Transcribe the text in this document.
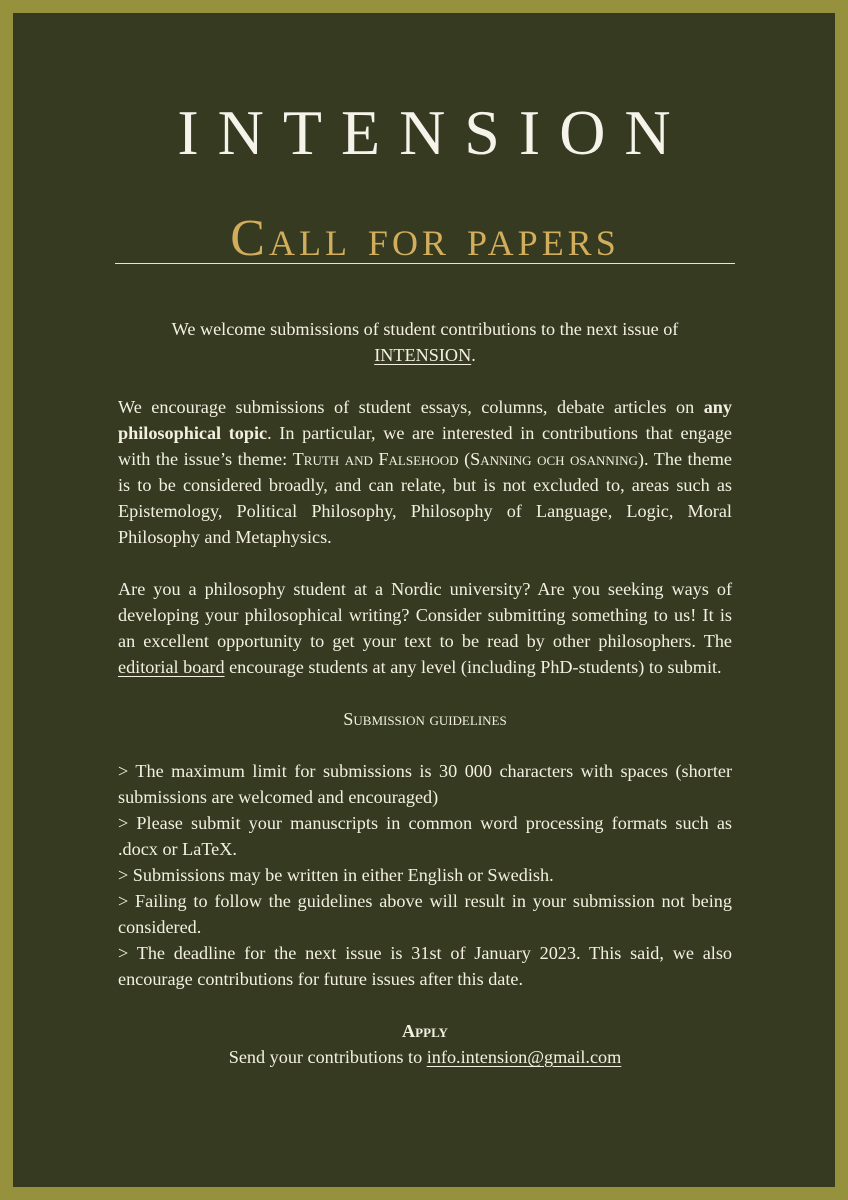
INTENSION
Call for papers

We welcome submissions of student contributions to the next issue of
INTENSION.

We encourage submissions of student essays, columns, debate articles on any philosophical topic. In particular, we are interested in contributions that engage with the issue’s theme: Truth and Falsehood (Sanning och osanning). The theme is to be considered broadly, and can relate, but is not excluded to, areas such as Epistemology, Political Philosophy, Philosophy of Language, Logic, Moral Philosophy and Metaphysics.

Are you a philosophy student at a Nordic university? Are you seeking ways of developing your philosophical writing? Consider submitting something to us! It is an excellent opportunity to get your text to be read by other philosophers. The editorial board encourage students at any level (including PhD-students) to submit.

Submission guidelines

> The maximum limit for submissions is 30 000 characters with spaces (shorter submissions are welcomed and encouraged)

> Please submit your manuscripts in common word processing formats such as .docx or LaTeX.

> Submissions may be written in either English or Swedish.

> Failing to follow the guidelines above will result in your submission not being considered.

> The deadline for the next issue is 31st of January 2023. This said, we also encourage contributions for future issues after this date.

Apply

Send your contributions to info.intension@gmail.com
